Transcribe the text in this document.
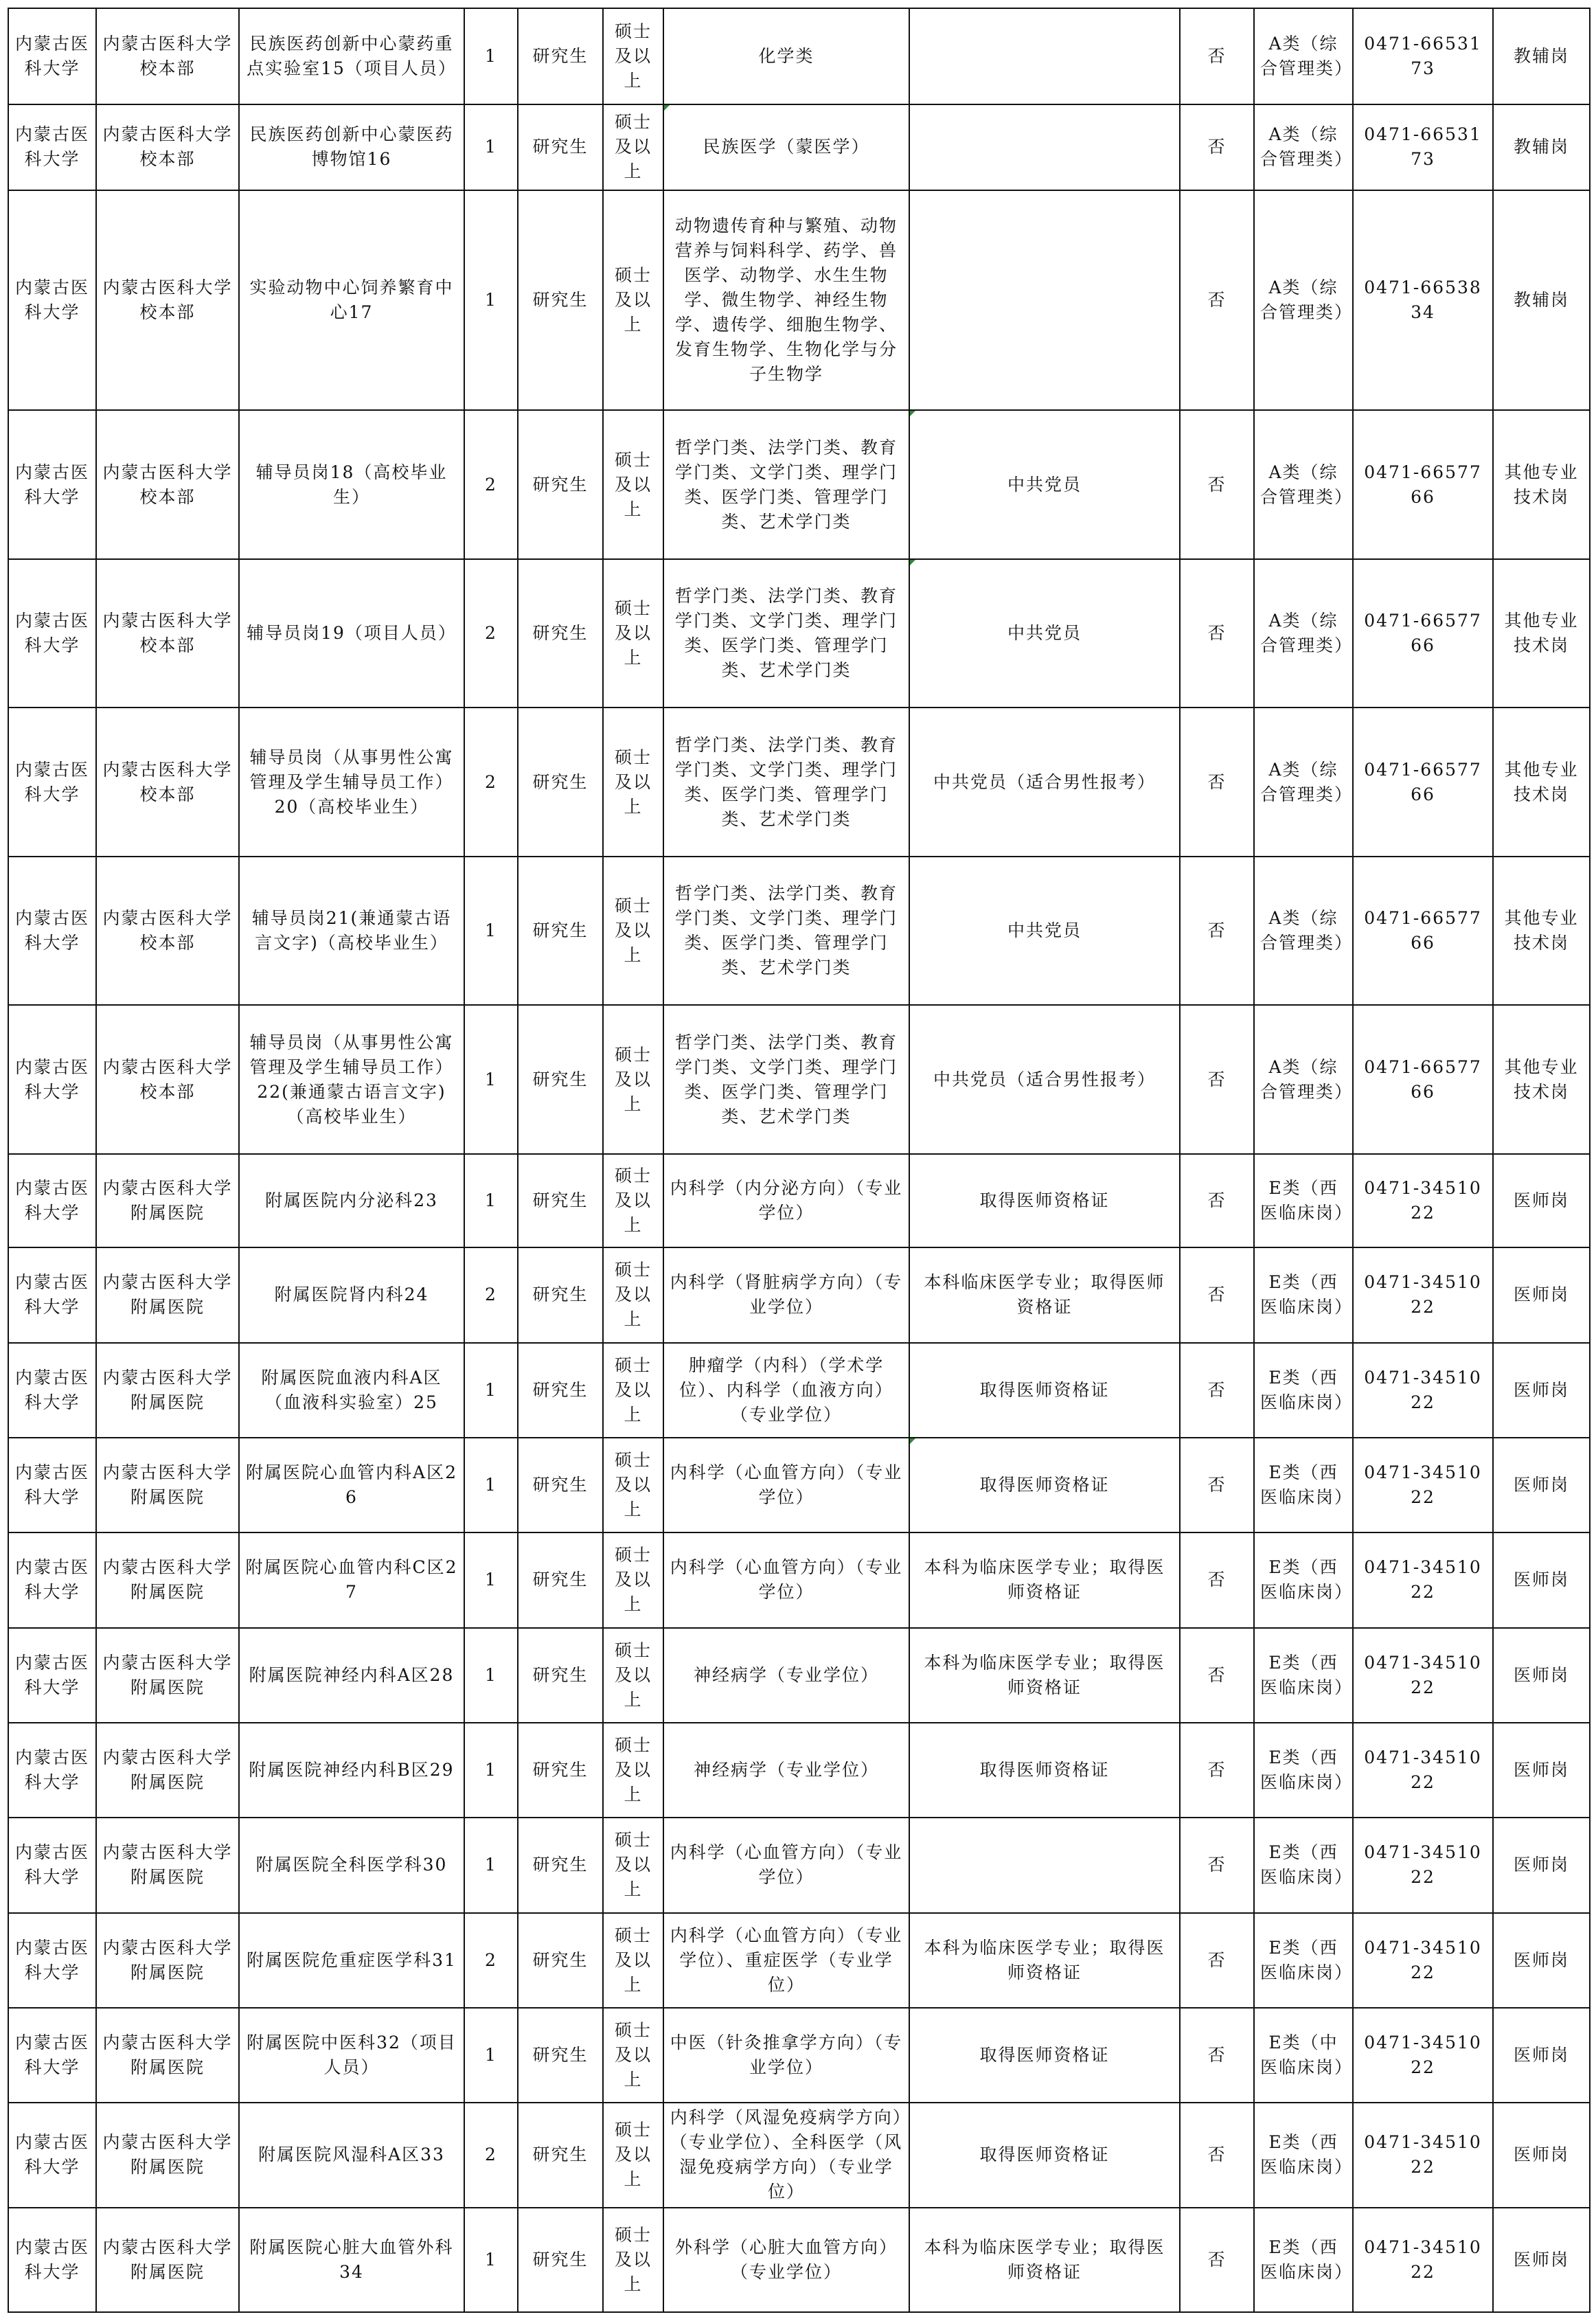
内蒙古医科大学	内蒙古医科大学校本部	民族医药创新中心蒙药重点实验室15（项目人员）	1	研究生	硕士及以上	化学类		否	A类（综合管理类）	0471-6653173	教辅岗
内蒙古医科大学	内蒙古医科大学校本部	民族医药创新中心蒙医药博物馆16	1	研究生	硕士及以上	民族医学（蒙医学）		否	A类（综合管理类）	0471-6653173	教辅岗
内蒙古医科大学	内蒙古医科大学校本部	实验动物中心饲养繁育中心17	1	研究生	硕士及以上	动物遗传育种与繁殖、动物营养与饲料科学、药学、兽医学、动物学、水生生物学、微生物学、神经生物学、遗传学、细胞生物学、发育生物学、生物化学与分子生物学		否	A类（综合管理类）	0471-6653834	教辅岗
内蒙古医科大学	内蒙古医科大学校本部	辅导员岗18（高校毕业生）	2	研究生	硕士及以上	哲学门类、法学门类、教育学门类、文学门类、理学门类、医学门类、管理学门类、艺术学门类	中共党员	否	A类（综合管理类）	0471-6657766	其他专业技术岗
内蒙古医科大学	内蒙古医科大学校本部	辅导员岗19（项目人员）	2	研究生	硕士及以上	哲学门类、法学门类、教育学门类、文学门类、理学门类、医学门类、管理学门类、艺术学门类	中共党员	否	A类（综合管理类）	0471-6657766	其他专业技术岗
内蒙古医科大学	内蒙古医科大学校本部	辅导员岗（从事男性公寓管理及学生辅导员工作）20（高校毕业生）	2	研究生	硕士及以上	哲学门类、法学门类、教育学门类、文学门类、理学门类、医学门类、管理学门类、艺术学门类	中共党员（适合男性报考）	否	A类（综合管理类）	0471-6657766	其他专业技术岗
内蒙古医科大学	内蒙古医科大学校本部	辅导员岗21(兼通蒙古语言文字)（高校毕业生）	1	研究生	硕士及以上	哲学门类、法学门类、教育学门类、文学门类、理学门类、医学门类、管理学门类、艺术学门类	中共党员	否	A类（综合管理类）	0471-6657766	其他专业技术岗
内蒙古医科大学	内蒙古医科大学校本部	辅导员岗（从事男性公寓管理及学生辅导员工作）22(兼通蒙古语言文字)（高校毕业生）	1	研究生	硕士及以上	哲学门类、法学门类、教育学门类、文学门类、理学门类、医学门类、管理学门类、艺术学门类	中共党员（适合男性报考）	否	A类（综合管理类）	0471-6657766	其他专业技术岗
内蒙古医科大学	内蒙古医科大学附属医院	附属医院内分泌科23	1	研究生	硕士及以上	内科学（内分泌方向）（专业学位）	取得医师资格证	否	E类（西医临床岗）	0471-3451022	医师岗
内蒙古医科大学	内蒙古医科大学附属医院	附属医院肾内科24	2	研究生	硕士及以上	内科学（肾脏病学方向）（专业学位）	本科临床医学专业；取得医师资格证	否	E类（西医临床岗）	0471-3451022	医师岗
内蒙古医科大学	内蒙古医科大学附属医院	附属医院血液内科A区（血液科实验室）25	1	研究生	硕士及以上	肿瘤学（内科）（学术学位）、内科学（血液方向）（专业学位）	取得医师资格证	否	E类（西医临床岗）	0471-3451022	医师岗
内蒙古医科大学	内蒙古医科大学附属医院	附属医院心血管内科A区26	1	研究生	硕士及以上	内科学（心血管方向）（专业学位）	取得医师资格证	否	E类（西医临床岗）	0471-3451022	医师岗
内蒙古医科大学	内蒙古医科大学附属医院	附属医院心血管内科C区27	1	研究生	硕士及以上	内科学（心血管方向）（专业学位）	本科为临床医学专业；取得医师资格证	否	E类（西医临床岗）	0471-3451022	医师岗
内蒙古医科大学	内蒙古医科大学附属医院	附属医院神经内科A区28	1	研究生	硕士及以上	神经病学（专业学位）	本科为临床医学专业；取得医师资格证	否	E类（西医临床岗）	0471-3451022	医师岗
内蒙古医科大学	内蒙古医科大学附属医院	附属医院神经内科B区29	1	研究生	硕士及以上	神经病学（专业学位）	取得医师资格证	否	E类（西医临床岗）	0471-3451022	医师岗
内蒙古医科大学	内蒙古医科大学附属医院	附属医院全科医学科30	1	研究生	硕士及以上	内科学（心血管方向）（专业学位）		否	E类（西医临床岗）	0471-3451022	医师岗
内蒙古医科大学	内蒙古医科大学附属医院	附属医院危重症医学科31	2	研究生	硕士及以上	内科学（心血管方向）（专业学位）、重症医学（专业学位）	本科为临床医学专业；取得医师资格证	否	E类（西医临床岗）	0471-3451022	医师岗
内蒙古医科大学	内蒙古医科大学附属医院	附属医院中医科32（项目人员）	1	研究生	硕士及以上	中医（针灸推拿学方向）（专业学位）	取得医师资格证	否	E类（中医临床岗）	0471-3451022	医师岗
内蒙古医科大学	内蒙古医科大学附属医院	附属医院风湿科A区33	2	研究生	硕士及以上	内科学（风湿免疫病学方向）（专业学位）、全科医学（风湿免疫病学方向）（专业学位）	取得医师资格证	否	E类（西医临床岗）	0471-3451022	医师岗
内蒙古医科大学	内蒙古医科大学附属医院	附属医院心脏大血管外科34	1	研究生	硕士及以上	外科学（心脏大血管方向）（专业学位）	本科为临床医学专业；取得医师资格证	否	E类（西医临床岗）	0471-3451022	医师岗
